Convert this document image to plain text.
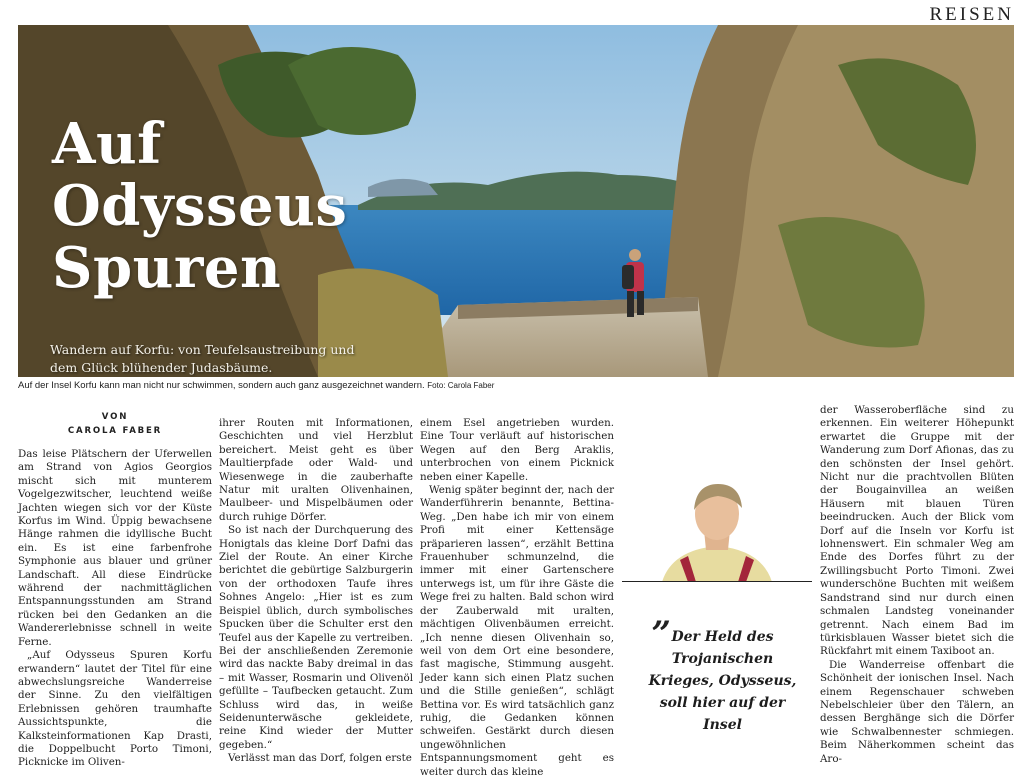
REISEN
Auf
Odysseus
Spuren
Wandern auf Korfu: von Teufelsaustreibung und dem Glück blühender Judasbäume.
Auf der Insel Korfu kann man nicht nur schwimmen, sondern auch ganz ausgezeichnet wandern. Foto: Carola Faber
VON
CAROLA FABER

Das leise Plätschern der Uferwellen am Strand von Agios Georgios mischt sich mit munterem Vogelgezwitscher, leuchtend weiße Jachten wiegen sich vor der Küste Korfus im Wind. Üppig bewachsene Hänge rahmen die idyllische Bucht ein. Es ist eine farbenfrohe Symphonie aus blauer und grüner Landschaft. All diese Eindrücke während der nachmittäglichen Entspannungsstunden am Strand rücken bei den Gedanken an die Wandererlebnisse schnell in weite Ferne.

„Auf Odysseus Spuren Korfu erwandern“ lautet der Titel für eine abwechslungsreiche Wanderreise der Sinne. Zu den vielfältigen Erlebnissen gehören traumhafte Aussichtspunkte, die Kalksteinformationen Kap Drasti, die Doppelbucht Porto Timoni, Picknicke im Oliven-

ihrer Routen mit Informationen, Geschichten und viel Herzblut bereichert. Meist geht es über Maultierpfade oder Wald- und Wiesenwege in die zauberhafte Natur mit uralten Olivenhainen, Maulbeer- und Mispelbäumen oder durch ruhige Dörfer.

So ist nach der Durchquerung des Honigtals das kleine Dorf Dafni das Ziel der Route. An einer Kirche berichtet die gebürtige Salzburgerin von der orthodoxen Taufe ihres Sohnes Angelo: „Hier ist es zum Beispiel üblich, durch symbolisches Spucken über die Schulter erst den Teufel aus der Kapelle zu vertreiben. Bei der anschließenden Zeremonie wird das nackte Baby dreimal in das – mit Wasser, Rosmarin und Olivenöl gefüllte – Taufbecken getaucht. Zum Schluss wird das, in weiße Seidenunterwäsche gekleidete, reine Kind wieder der Mutter gegeben.“

Verlässt man das Dorf, folgen erste

einem Esel angetrieben wurden. Eine Tour verläuft auf historischen Wegen auf den Berg Araklis, unterbrochen von einem Picknick neben einer Kapelle.

Wenig später beginnt der, nach der Wanderführerin benannte, Bettina-Weg. „Den habe ich mir von einem Profi mit einer Kettensäge präparieren lassen“, erzählt Bettina Frauenhuber schmunzelnd, die immer mit einer Gartenschere unterwegs ist, um für ihre Gäste die Wege frei zu halten. Bald schon wird der Zauberwald mit uralten, mächtigen Olivenbäumen erreicht. „Ich nenne diesen Olivenhain so, weil von dem Ort eine besondere, fast magische, Stimmung ausgeht. Jeder kann sich einen Platz suchen und die Stille genießen“, schlägt Bettina vor. Es wird tatsächlich ganz ruhig, die Gedanken können schweifen. Gestärkt durch diesen ungewöhnlichen Entspannungsmoment geht es weiter durch das kleine

„
Der Held des Trojanischen Krieges, Odysseus, soll hier auf der Insel

der Wasseroberfläche sind zu erkennen. Ein weiterer Höhepunkt erwartet die Gruppe mit der Wanderung zum Dorf Afionas, das zu den schönsten der Insel gehört. Nicht nur die prachtvollen Blüten der Bougainvillea an weißen Häusern mit blauen Türen beeindrucken. Auch der Blick vom Dorf auf die Inseln vor Korfu ist lohnenswert. Ein schmaler Weg am Ende des Dorfes führt zu der Zwillingsbucht Porto Timoni. Zwei wunderschöne Buchten mit weißem Sandstrand sind nur durch einen schmalen Landsteg voneinander getrennt. Nach einem Bad im türkisblauen Wasser bietet sich die Rückfahrt mit einem Taxiboot an.

Die Wanderreise offenbart die Schönheit der ionischen Insel. Nach einem Regenschauer schweben Nebelschleier über den Tälern, an dessen Berghänge sich die Dörfer wie Schwalbennester schmiegen. Beim Näherkommen scheint das Aro-
